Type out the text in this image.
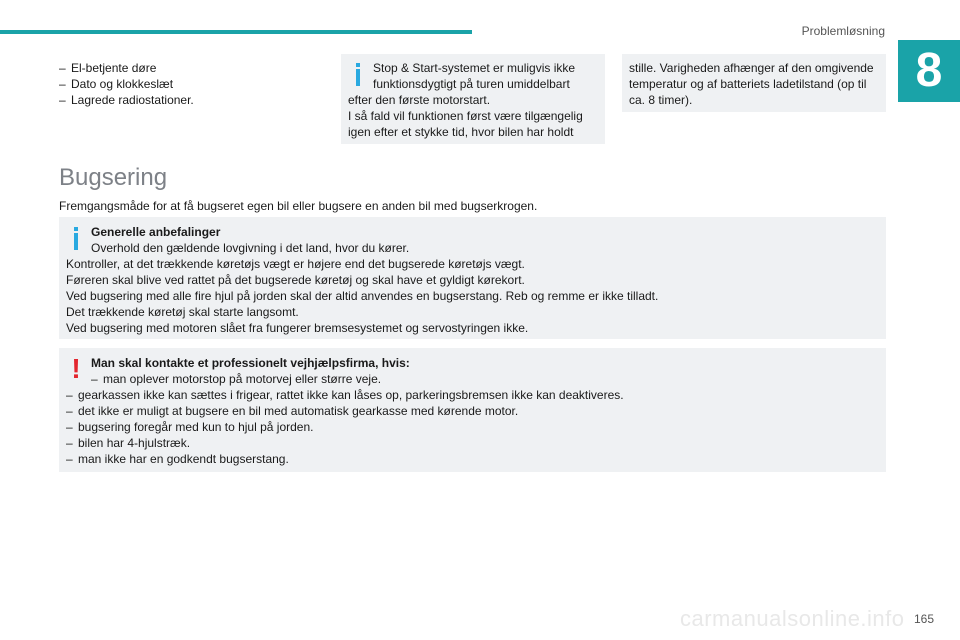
Problemløsning
8
– El-betjente døre
– Dato og klokkeslæt
– Lagrede radiostationer.
Stop & Start-systemet er muligvis ikke
funktionsdygtigt på turen umiddelbart
efter den første motorstart.
I så fald vil funktionen først være tilgængelig
igen efter et stykke tid, hvor bilen har holdt
stille. Varigheden afhænger af den omgivende
temperatur og af batteriets ladetilstand (op til
ca. 8 timer).
Bugsering
Fremgangsmåde for at få bugseret egen bil eller bugsere en anden bil med bugserkrogen.
Generelle anbefalinger
Overhold den gældende lovgivning i det land, hvor du kører.
Kontroller, at det trækkende køretøjs vægt er højere end det bugserede køretøjs vægt.
Føreren skal blive ved rattet på det bugserede køretøj og skal have et gyldigt kørekort.
Ved bugsering med alle fire hjul på jorden skal der altid anvendes en bugserstang. Reb og remme er ikke tilladt.
Det trækkende køretøj skal starte langsomt.
Ved bugsering med motoren slået fra fungerer bremsesystemet og servostyringen ikke.
! Man skal kontakte et professionelt vejhjælpsfirma, hvis:
– man oplever motorstop på motorvej eller større veje.
– gearkassen ikke kan sættes i frigear, rattet ikke kan låses op, parkeringsbremsen ikke kan deaktiveres.
– det ikke er muligt at bugsere en bil med automatisk gearkasse med kørende motor.
– bugsering foregår med kun to hjul på jorden.
– bilen har 4-hjulstræk.
– man ikke har en godkendt bugserstang.
carmanualsonline.info 165
